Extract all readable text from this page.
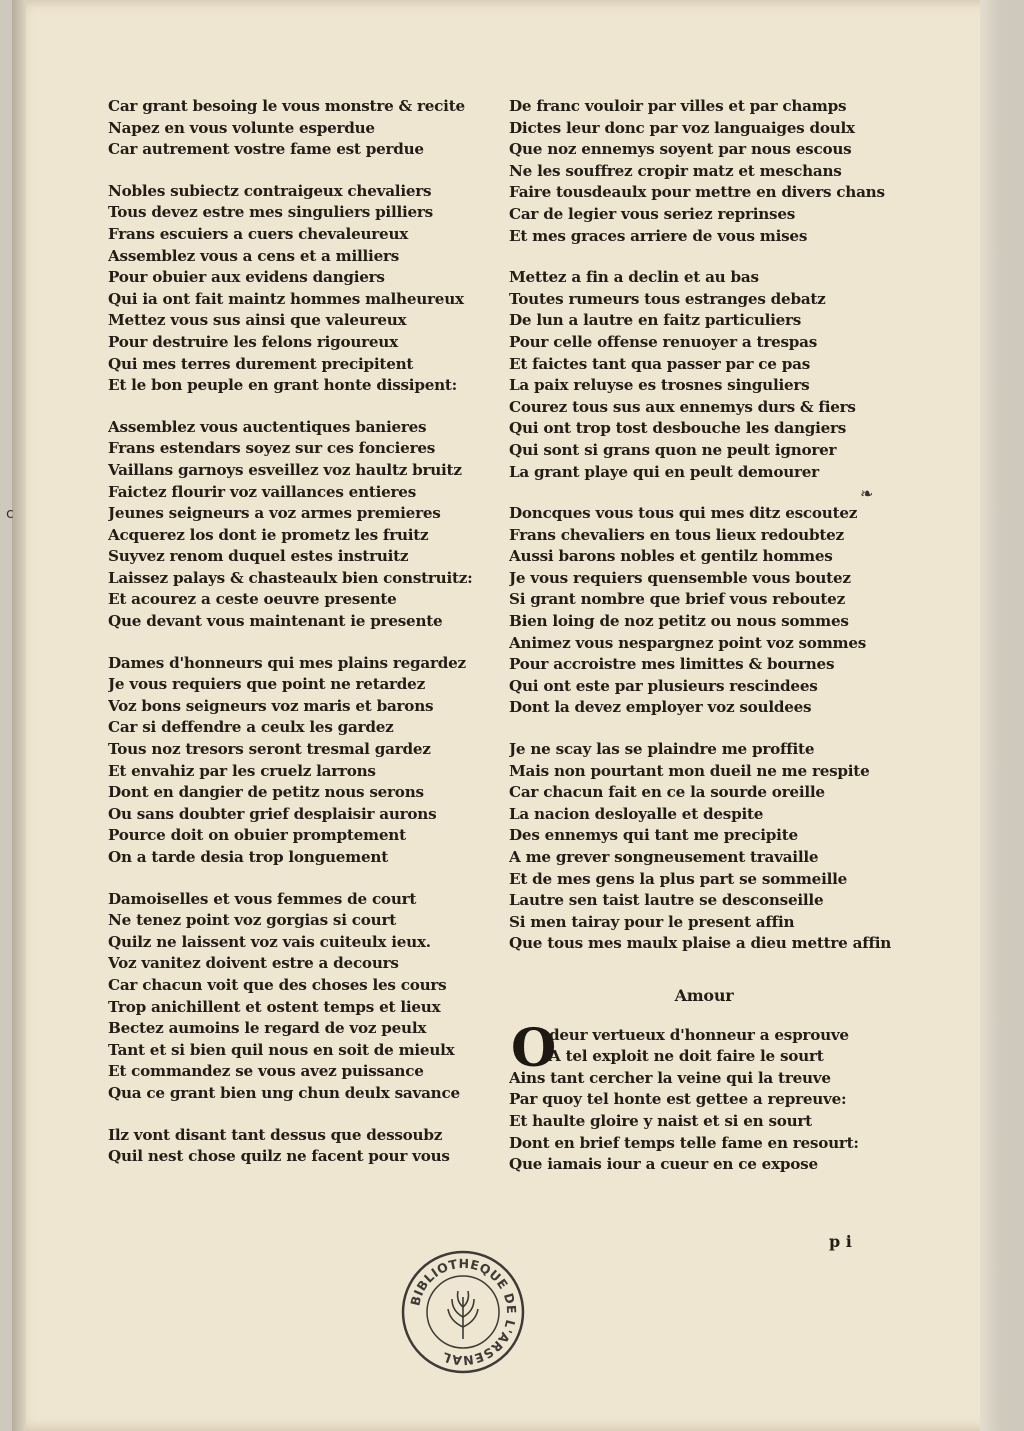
Car grant besoing le vous monstre & recite
Napez en vous volunte esperdue
Car autrement vostre fame est perdue
Nobles subiectz contraigeux chevaliers
Tous devez estre mes singuliers pilliers
Frans escuiers a cuers chevaleureux
Assemblez vous a cens et a milliers
Pour obuier aux evidens dangiers
Qui ia ont fait maintz hommes malheureux
Mettez vous sus ainsi que valeureux
Pour destruire les felons rigoureux
Qui mes terres durement precipitent
Et le bon peuple en grant honte dissipent:
Assemblez vous auctentiques banieres
Frans estendars soyez sur ces foncieres
Vaillans garnoys esveillez voz haultz bruitz
Faictez flourir voz vaillances entieres
Jeunes seigneurs a voz armes premieres
Acquerez los dont ie prometz les fruitz
Suyvez renom duquel estes instruitz
Laissez palays & chasteaulx bien construitz:
Et acourez a ceste oeuvre presente
Que devant vous maintenant ie presente
Dames d'honneurs qui mes plains regardez
Je vous requiers que point ne retardez
Voz bons seigneurs voz maris et barons
Car si deffendre a ceulx les gardez
Tous noz tresors seront tresmal gardez
Et envahiz par les cruelz larrons
Dont en dangier de petitz nous serons
Ou sans doubter grief desplaisir aurons
Pource doit on obuier promptement
On a tarde desia trop longuement
Damoiselles et vous femmes de court
Ne tenez point voz gorgias si court
Quilz ne laissent voz vais cuiteulx ieux.
Voz vanitez doivent estre a decours
Car chacun voit que des choses les cours
Trop anichillent et ostent temps et lieux
Bectez aumoins le regard de voz peulx
Tant et si bien quil nous en soit de mieulx
Et commandez se vous avez puissance
Qua ce grant bien ung chun deulx savance
Ilz vont disant tant dessus que dessoubz
Quil nest chose quilz ne facent pour vous
De franc vouloir par villes et par champs
Dictes leur donc par voz languaiges doulx
Que noz ennemys soyent par nous escous
Ne les souffrez cropir matz et meschans
Faire tousdeaulx pour mettre en divers chans
Car de legier vous seriez reprinses
Et mes graces arriere de vous mises
Mettez a fin a declin et au bas
Toutes rumeurs tous estranges debatz
De lun a lautre en faitz particuliers
Pour celle offense renuoyer a trespas
Et faictes tant qua passer par ce pas
La paix reluyse es trosnes singuliers
Courez tous sus aux ennemys durs & fiers
Qui ont trop tost desbouche les dangiers
Qui sont si grans quon ne peult ignorer
La grant playe qui en peult demourer
Doncques vous tous qui mes ditz escoutez
Frans chevaliers en tous lieux redoubtez
Aussi barons nobles et gentilz hommes
Je vous requiers quensemble vous boutez
Si grant nombre que brief vous reboutez
Bien loing de noz petitz ou nous sommes
Animez vous nespargnez point voz sommes
Pour accroistre mes limittes & bournes
Qui ont este par plusieurs rescindees
Dont la devez employer voz souldees
Je ne scay las se plaindre me proffite
Mais non pourtant mon dueil ne me respite
Car chacun fait en ce la sourde oreille
La nacion desloyalle et despite
Des ennemys qui tant me precipite
A me grever songneusement travaille
Et de mes gens la plus part se sommeille
Lautre sen taist lautre se desconseille
Si men tairay pour le present affin
Que tous mes maulx plaise a dieu mettre affin
Amour
O
deur vertueux d'honneur a esprouve
A tel exploit ne doit faire le sourt
Ains tant cercher la veine qui la treuve
Par quoy tel honte est gettee a repreuve:
Et haulte gloire y naist et si en sourt
Dont en brief temps telle fame en resourt:
Que iamais iour a cueur en ce expose
p i
c
❧
BIBLIOTHEQUE DE L'ARSENAL
